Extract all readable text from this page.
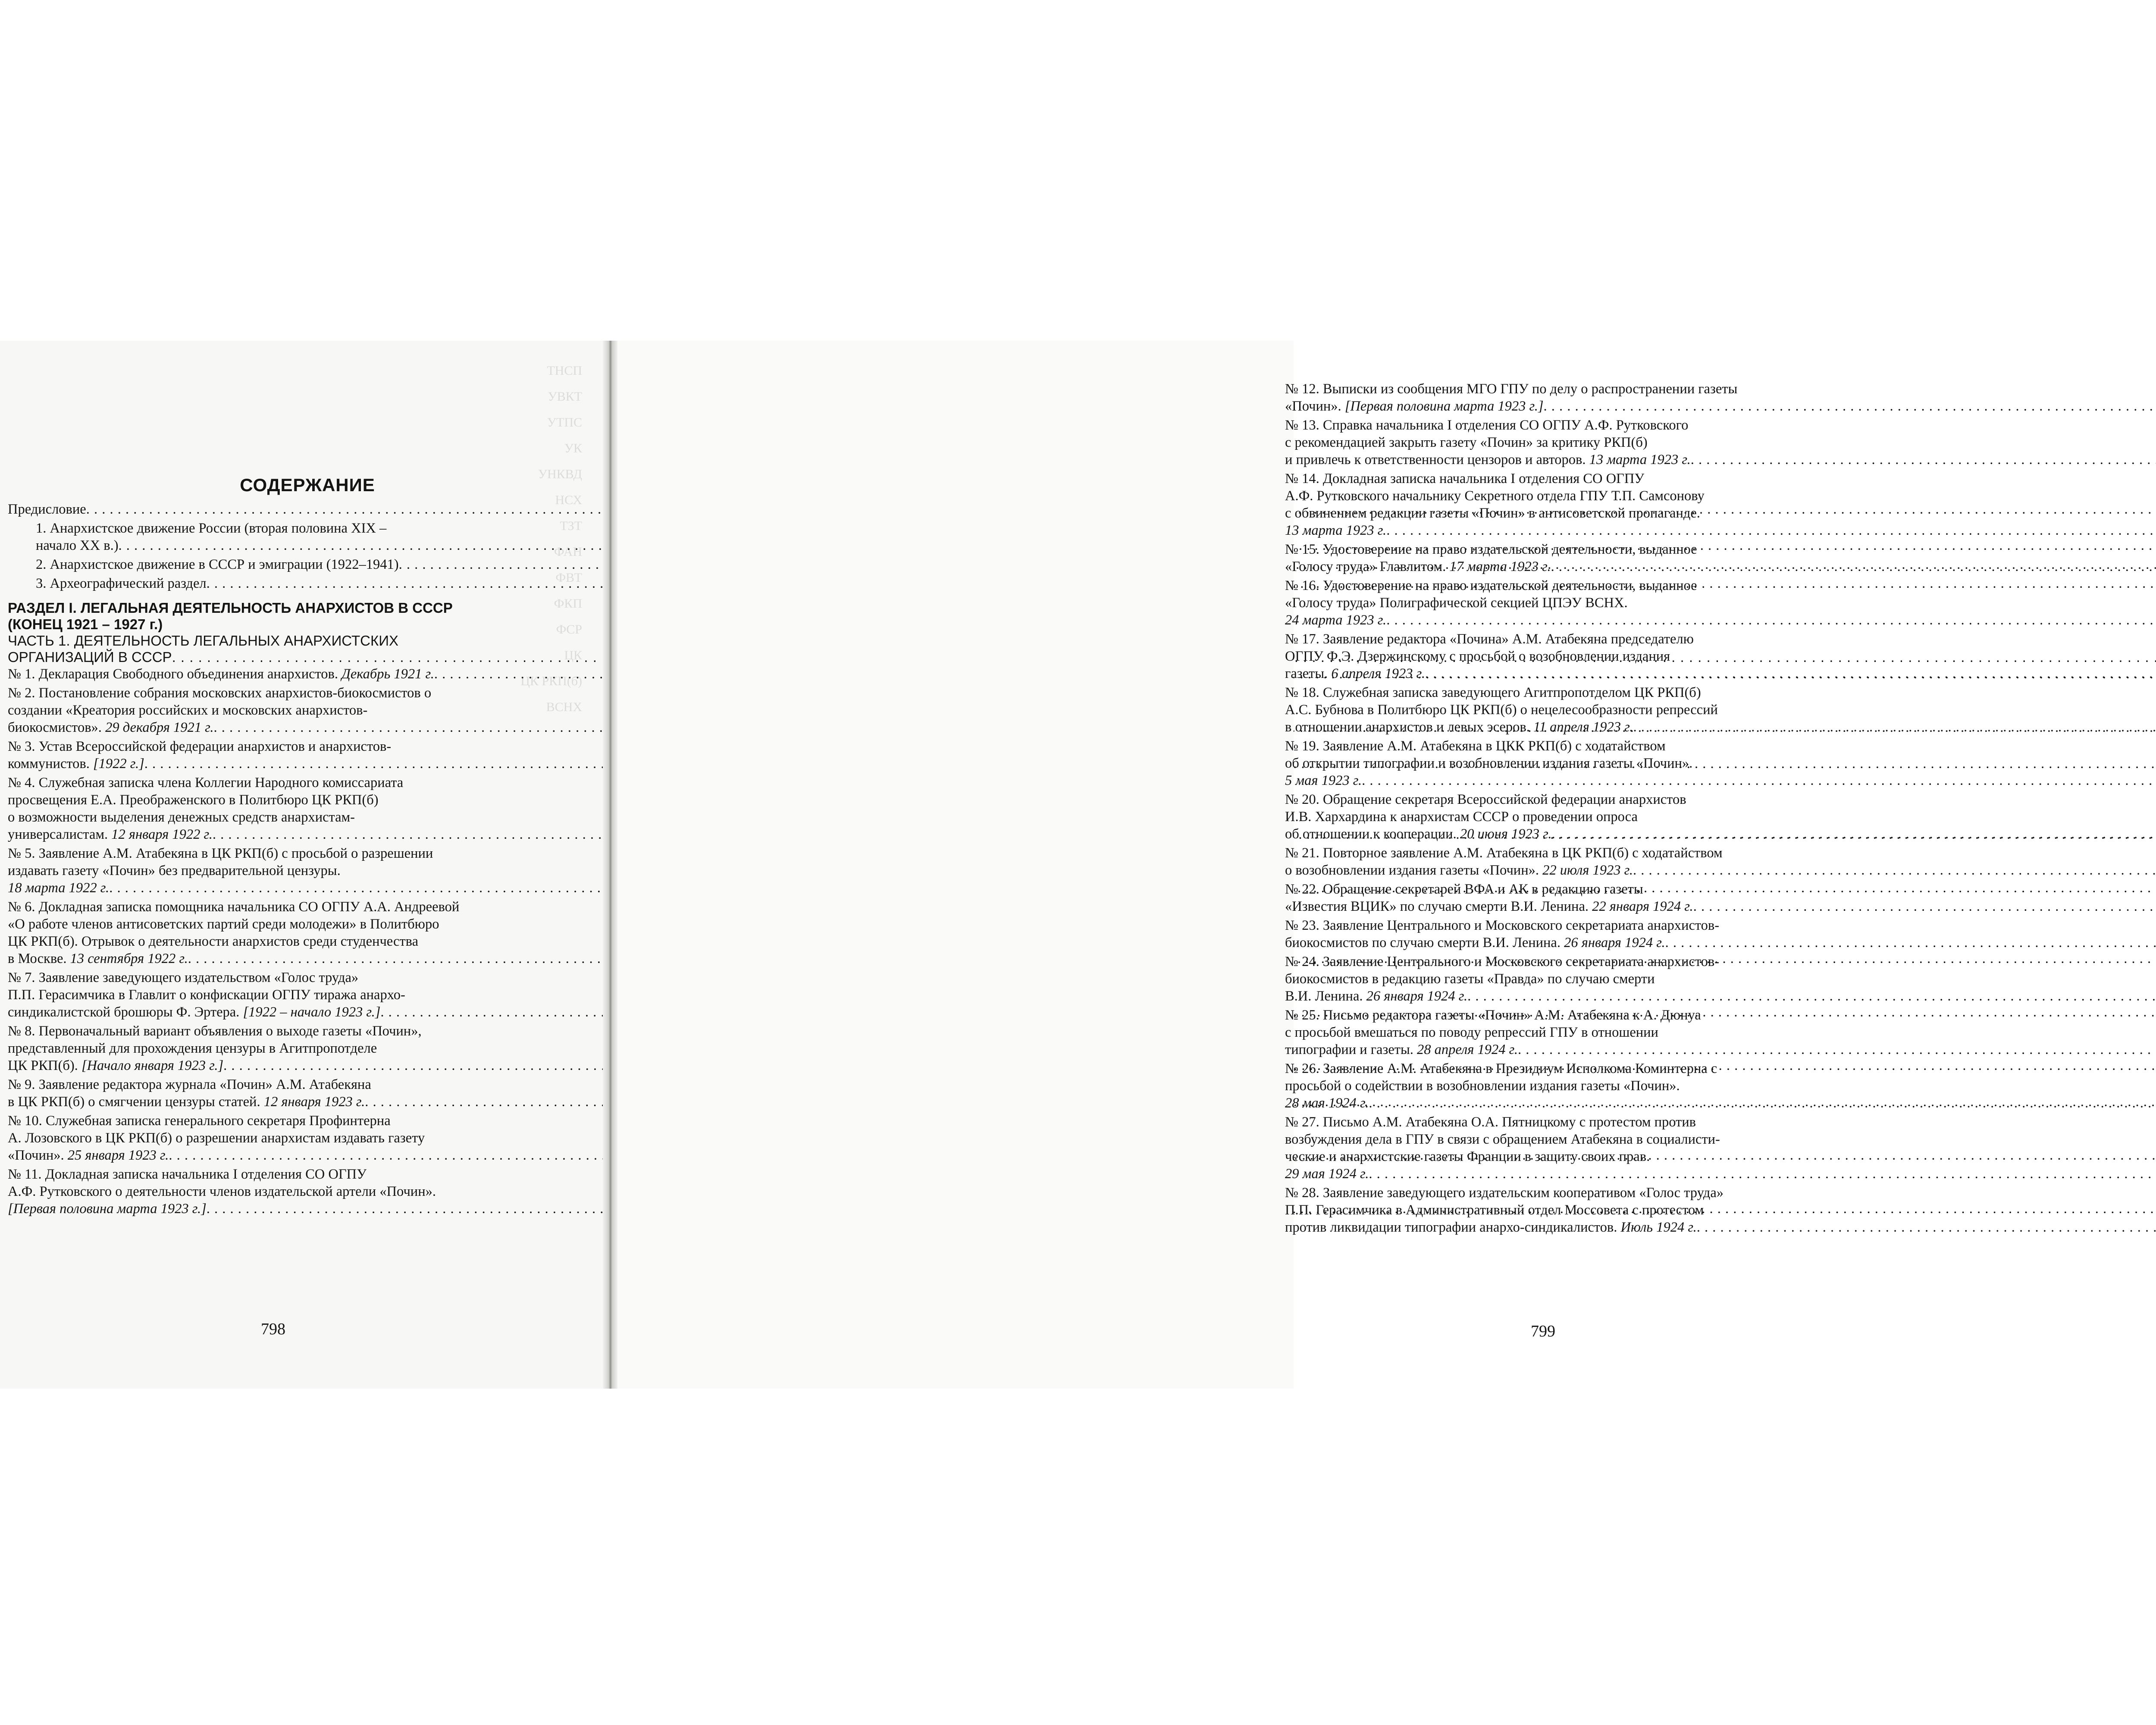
ТНСП
УВКТ
УТПС
УК
УНКВД
НСХ
ТЗТ
ФАН
ФВТ
ФКП
ФСР
ЦК
ЦК РКП(б)
ВСНХ
СОДЕРЖАНИЕ
Предисловие
. . .
1. Анархистское движение России (вторая половина XIX –
начало XX в.)
. . .
2. Анархистское движение в СССР и эмиграции (1922–1941)
. . .
3. Археографический раздел
. . .
РАЗДЕЛ I. ЛЕГАЛЬНАЯ ДЕЯТЕЛЬНОСТЬ АНАРХИСТОВ В СССР
(КОНЕЦ 1921 – 1927 г.)
ЧАСТЬ 1. ДЕЯТЕЛЬНОСТЬ ЛЕГАЛЬНЫХ АНАРХИСТСКИХ
ОРГАНИЗАЦИЙ В СССР
. . .
№ 1. Декларация Свободного объединения анархистов. Декабрь 1921 г.
. . .
№ 2. Постановление собрания московских анархистов-биокосмистов о
создании «Креатория российских и московских анархистов-
биокосмистов». 29 декабря 1921 г.
. . .
№ 3. Устав Всероссийской федерации анархистов и анархистов-
коммунистов. [1922 г.]
. . .
№ 4. Служебная записка члена Коллегии Народного комиссариата
просвещения Е.А. Преображенского в Политбюро ЦК РКП(б)
о возможности выделения денежных средств анархистам-
универсалистам. 12 января 1922 г.
. . .
№ 5. Заявление А.М. Атабекяна в ЦК РКП(б) с просьбой о разрешении
издавать газету «Почин» без предварительной цензуры.
18 марта 1922 г.
. . .
№ 6. Докладная записка помощника начальника СО ОГПУ А.А. Андреевой
«О работе членов антисоветских партий среди молодежи» в Политбюро
ЦК РКП(б). Отрывок о деятельности анархистов среди студенчества
в Москве. 13 сентября 1922 г.
. . .
№ 7. Заявление заведующего издательством «Голос труда»
П.П. Герасимчика в Главлит о конфискации ОГПУ тиража анархо-
синдикалистской брошюры Ф. Эртера. [1922 – начало 1923 г.]
. . .
№ 8. Первоначальный вариант объявления о выходе газеты «Почин»,
представленный для прохождения цензуры в Агитпропотделе
ЦК РКП(б). [Начало января 1923 г.]
. . .
№ 9. Заявление редактора журнала «Почин» А.М. Атабекяна
в ЦК РКП(б) о смягчении цензуры статей. 12 января 1923 г.
. . .
№ 10. Служебная записка генерального секретаря Профинтерна
А. Лозовского в ЦК РКП(б) о разрешении анархистам издавать газету
«Почин». 25 января 1923 г.
. . .
№ 11. Докладная записка начальника I отделения СО ОГПУ
А.Ф. Рутковского о деятельности членов издательской артели «Почин».
[Первая половина марта 1923 г.]
. . .
798
№ 12. Выписки из сообщения МГО ГПУ по делу о распространении газеты
«Почин». [Первая половина марта 1923 г.]
. . .
№ 13. Справка начальника I отделения СО ОГПУ А.Ф. Рутковского
с рекомендацией закрыть газету «Почин» за критику РКП(б)
и привлечь к ответственности цензоров и авторов. 13 марта 1923 г.
. . .
№ 14. Докладная записка начальника I отделения СО ОГПУ
А.Ф. Рутковского начальнику Секретного отдела ГПУ Т.П. Самсонову
с обвинением редакции газеты «Почин» в антисоветской пропаганде.
13 марта 1923 г.
. . .
№ 15. Удостоверение на право издательской деятельности, выданное
«Голосу труда» Главлитом. 17 марта 1923 г.
. . .
№ 16. Удостоверение на право издательской деятельности, выданное
«Голосу труда» Полиграфической секцией ЦПЭУ ВСНХ.
24 марта 1923 г.
. . .
№ 17. Заявление редактора «Почина» А.М. Атабекяна председателю
ОГПУ Ф.Э. Дзержинскому с просьбой о возобновлении издания
газеты. 6 апреля 1923 г.
. . .
№ 18. Служебная записка заведующего Агитпропотделом ЦК РКП(б)
А.С. Бубнова в Политбюро ЦК РКП(б) о нецелесообразности репрессий
в отношении анархистов и левых эсеров. 11 апреля 1923 г.
. . .
№ 19. Заявление А.М. Атабекяна в ЦКК РКП(б) с ходатайством
об открытии типографии и возобновлении издания газеты «Почин».
5 мая 1923 г.
. . .
№ 20. Обращение секретаря Всероссийской федерации анархистов
И.В. Хархардина к анархистам СССР о проведении опроса
об отношении к кооперации. 20 июня 1923 г.
. . .
№ 21. Повторное заявление А.М. Атабекяна в ЦК РКП(б) с ходатайством
о возобновлении издания газеты «Почин». 22 июля 1923 г.
. . .
№ 22. Обращение секретарей ВФА и АК в редакцию газеты
«Известия ВЦИК» по случаю смерти В.И. Ленина. 22 января 1924 г.
. . .
№ 23. Заявление Центрального и Московского секретариата анархистов-
биокосмистов по случаю смерти В.И. Ленина. 26 января 1924 г.
. . .
№ 24. Заявление Центрального и Московского секретариата анархистов-
биокосмистов в редакцию газеты «Правда» по случаю смерти
В.И. Ленина. 26 января 1924 г.
. . .
№ 25. Письмо редактора газеты «Почин» А.М. Атабекяна к А. Дюнуа
с просьбой вмешаться по поводу репрессий ГПУ в отношении
типографии и газеты. 28 апреля 1924 г.
. . .
№ 26. Заявление А.М. Атабекяна в Президиум Исполкома Коминтерна с
просьбой о содействии в возобновлении издания газеты «Почин».
28 мая 1924 г.
. . .
№ 27. Письмо А.М. Атабекяна О.А. Пятницкому с протестом против
возбуждения дела в ГПУ в связи с обращением Атабекяна в социалисти-
ческие и анархистские газеты Франции в защиту своих прав.
29 мая 1924 г.
. . .
№ 28. Заявление заведующего издательским кооперативом «Голос труда»
П.П. Герасимчика в Административный отдел Моссовета с протестом
против ликвидации типографии анархо-синдикалистов. Июль 1924 г.
. . .
799
